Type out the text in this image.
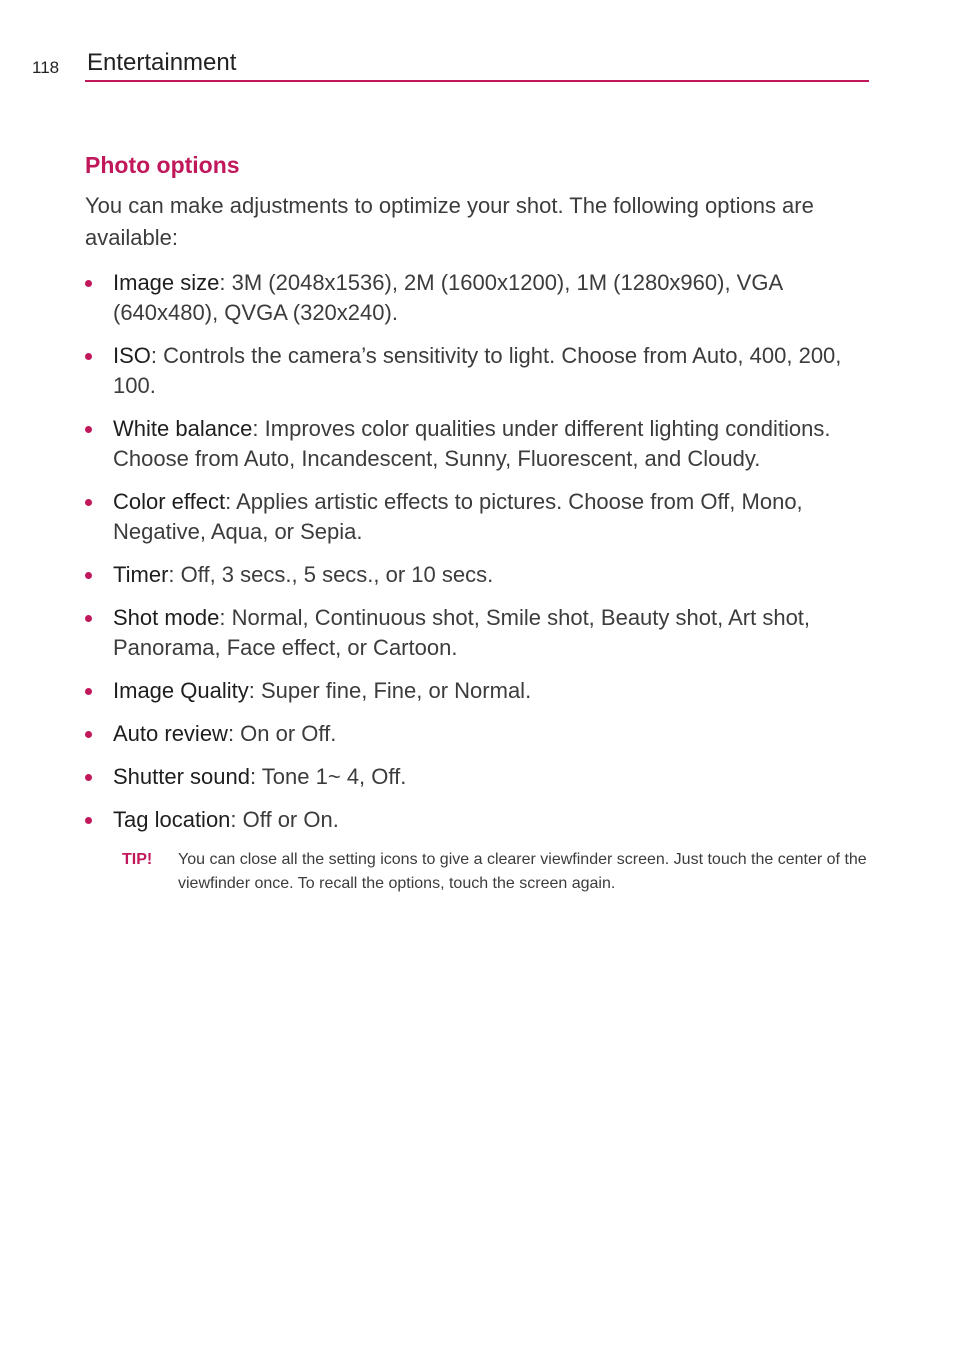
118 Entertainment
Photo options

You can make adjustments to optimize your shot. The following options are available:

Image size: 3M (2048x1536), 2M (1600x1200), 1M (1280x960), VGA (640x480), QVGA (320x240).
ISO: Controls the camera’s sensitivity to light. Choose from Auto, 400, 200, 100.
White balance: Improves color qualities under different lighting conditions. Choose from Auto, Incandescent, Sunny, Fluorescent, and Cloudy.
Color effect: Applies artistic effects to pictures. Choose from Off, Mono, Negative, Aqua, or Sepia.
Timer: Off, 3 secs., 5 secs., or 10 secs.
Shot mode: Normal, Continuous shot, Smile shot, Beauty shot, Art shot, Panorama, Face effect, or Cartoon.
Image Quality: Super fine, Fine, or Normal.
Auto review: On or Off.
Shutter sound: Tone 1~ 4, Off.
Tag location: Off or On.
TIP! You can close all the setting icons to give a clearer viewfinder screen. Just touch the center of the viewfinder once. To recall the options, touch the screen again.
